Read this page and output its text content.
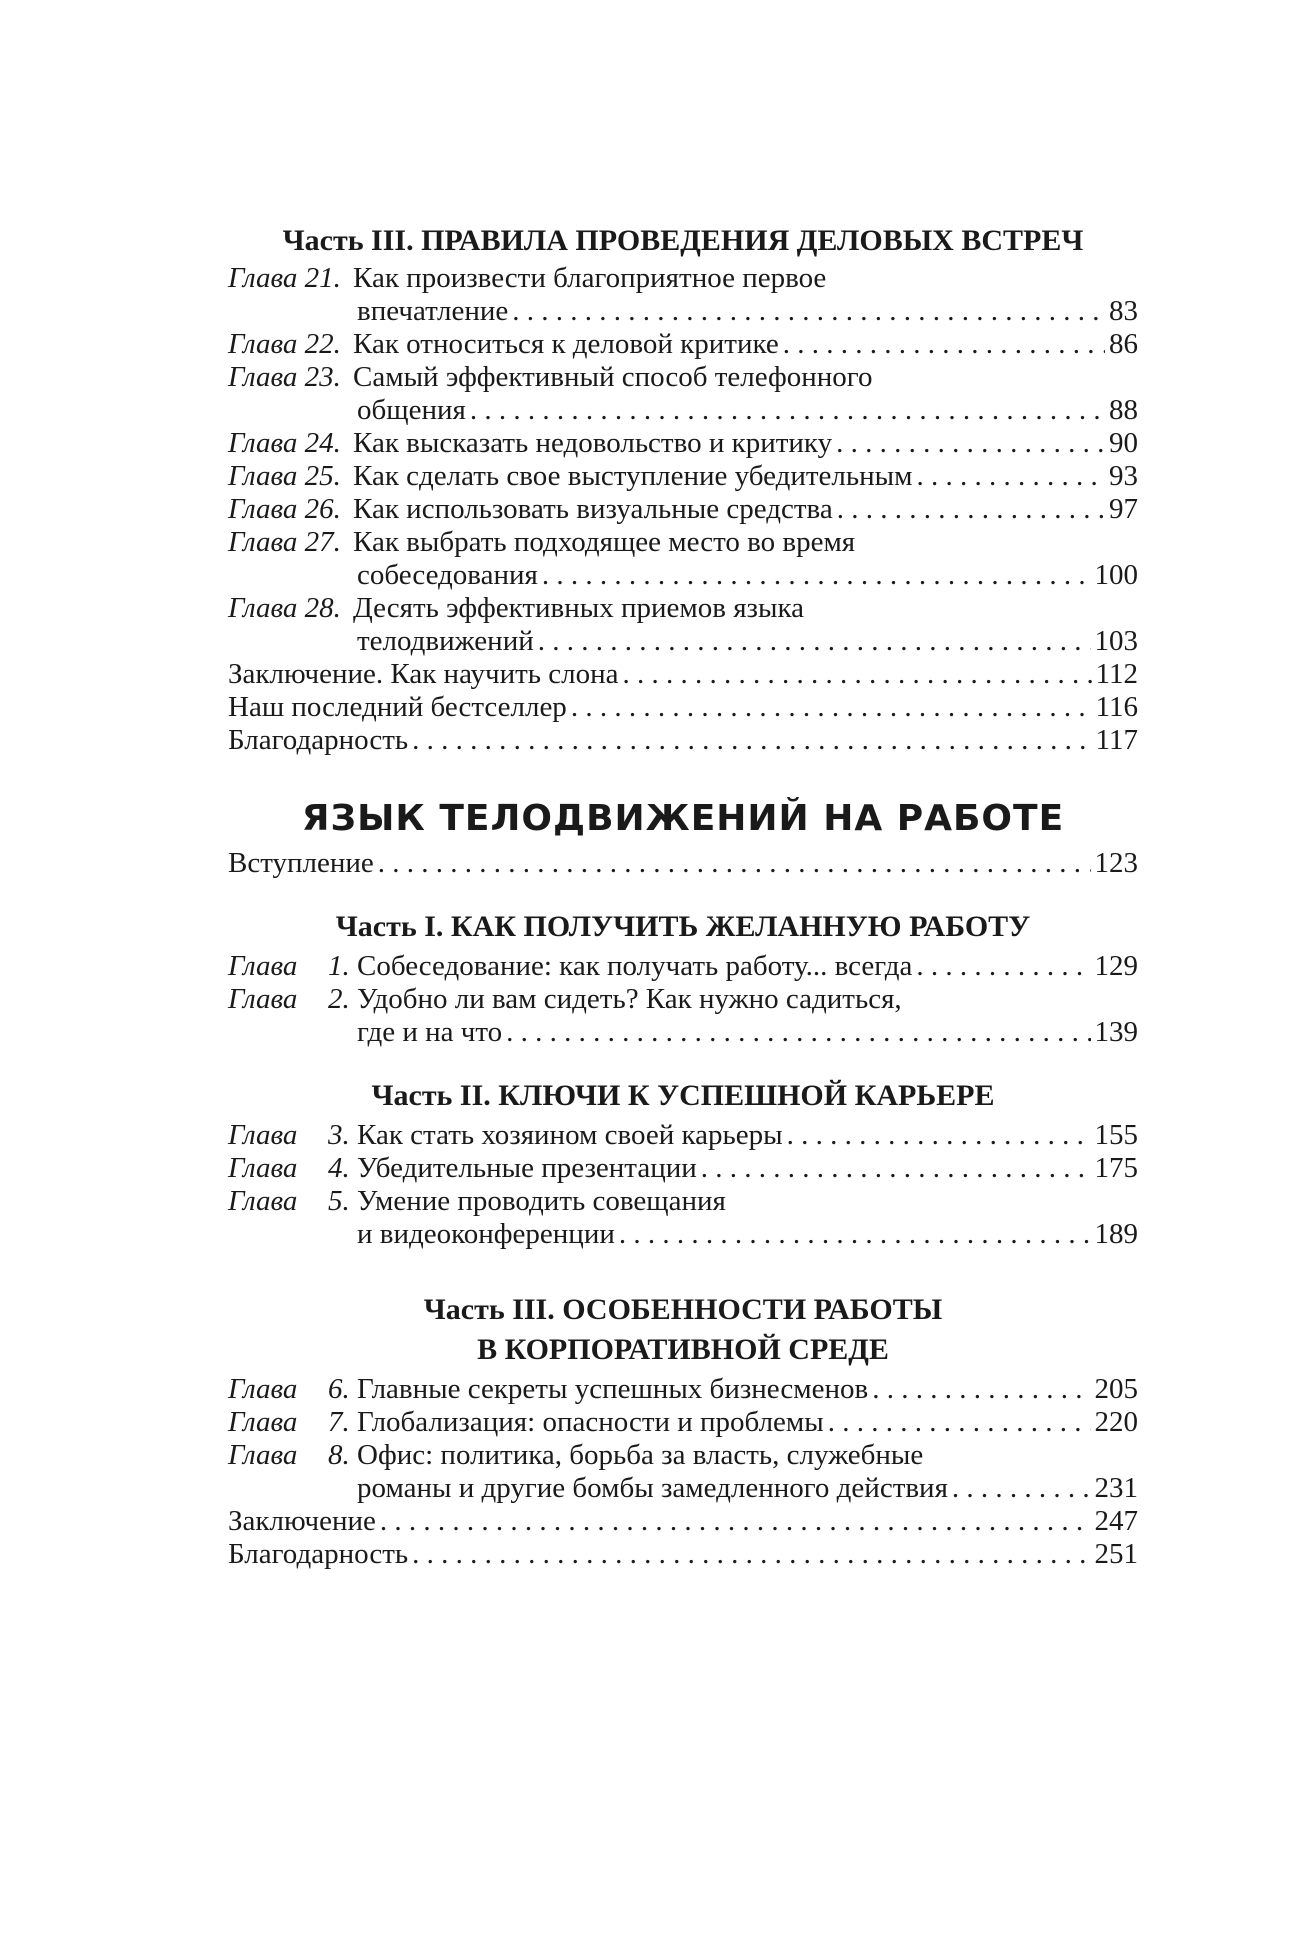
Часть III. ПРАВИЛА ПРОВЕДЕНИЯ ДЕЛОВЫХ ВСТРЕЧ
Глава 21. Как произвести благоприятное первое
впечатление . . .	83
Глава 22. Как относиться к деловой критике . . .	86
Глава 23. Самый эффективный способ телефонного
общения . . .	88
Глава 24. Как высказать недовольство и критику . . .	90
Глава 25. Как сделать свое выступление убедительным . . .	93
Глава 26. Как использовать визуальные средства . . .	97
Глава 27. Как выбрать подходящее место во время
собеседования . . .	100
Глава 28. Десять эффективных приемов языка
телодвижений . . .	103
Заключение. Как научить слона . . .	112
Наш последний бестселлер . . .	116
Благодарность . . .	117
ЯЗЫК ТЕЛОДВИЖЕНИЙ НА РАБОТЕ
Вступление . . .	123
Часть I. КАК ПОЛУЧИТЬ ЖЕЛАННУЮ РАБОТУ
Глава	1. Собеседование: как получать работу... всегда . . .	129
Глава	2. Удобно ли вам сидеть? Как нужно садиться,
где и на что . . .	139
Часть II. КЛЮЧИ К УСПЕШНОЙ КАРЬЕРЕ
Глава	3. Как стать хозяином своей карьеры . . .	155
Глава	4. Убедительные презентации . . .	175
Глава	5. Умение проводить совещания
и видеоконференции . . .	189
Часть III. ОСОБЕННОСТИ РАБОТЫ
В КОРПОРАТИВНОЙ СРЕДЕ
Глава	6. Главные секреты успешных бизнесменов . . .	205
Глава	7. Глобализация: опасности и проблемы . . .	220
Глава	8. Офис: политика, борьба за власть, служебные
романы и другие бомбы замедленного действия . . .	231
Заключение . . .	247
Благодарность . . .	251
